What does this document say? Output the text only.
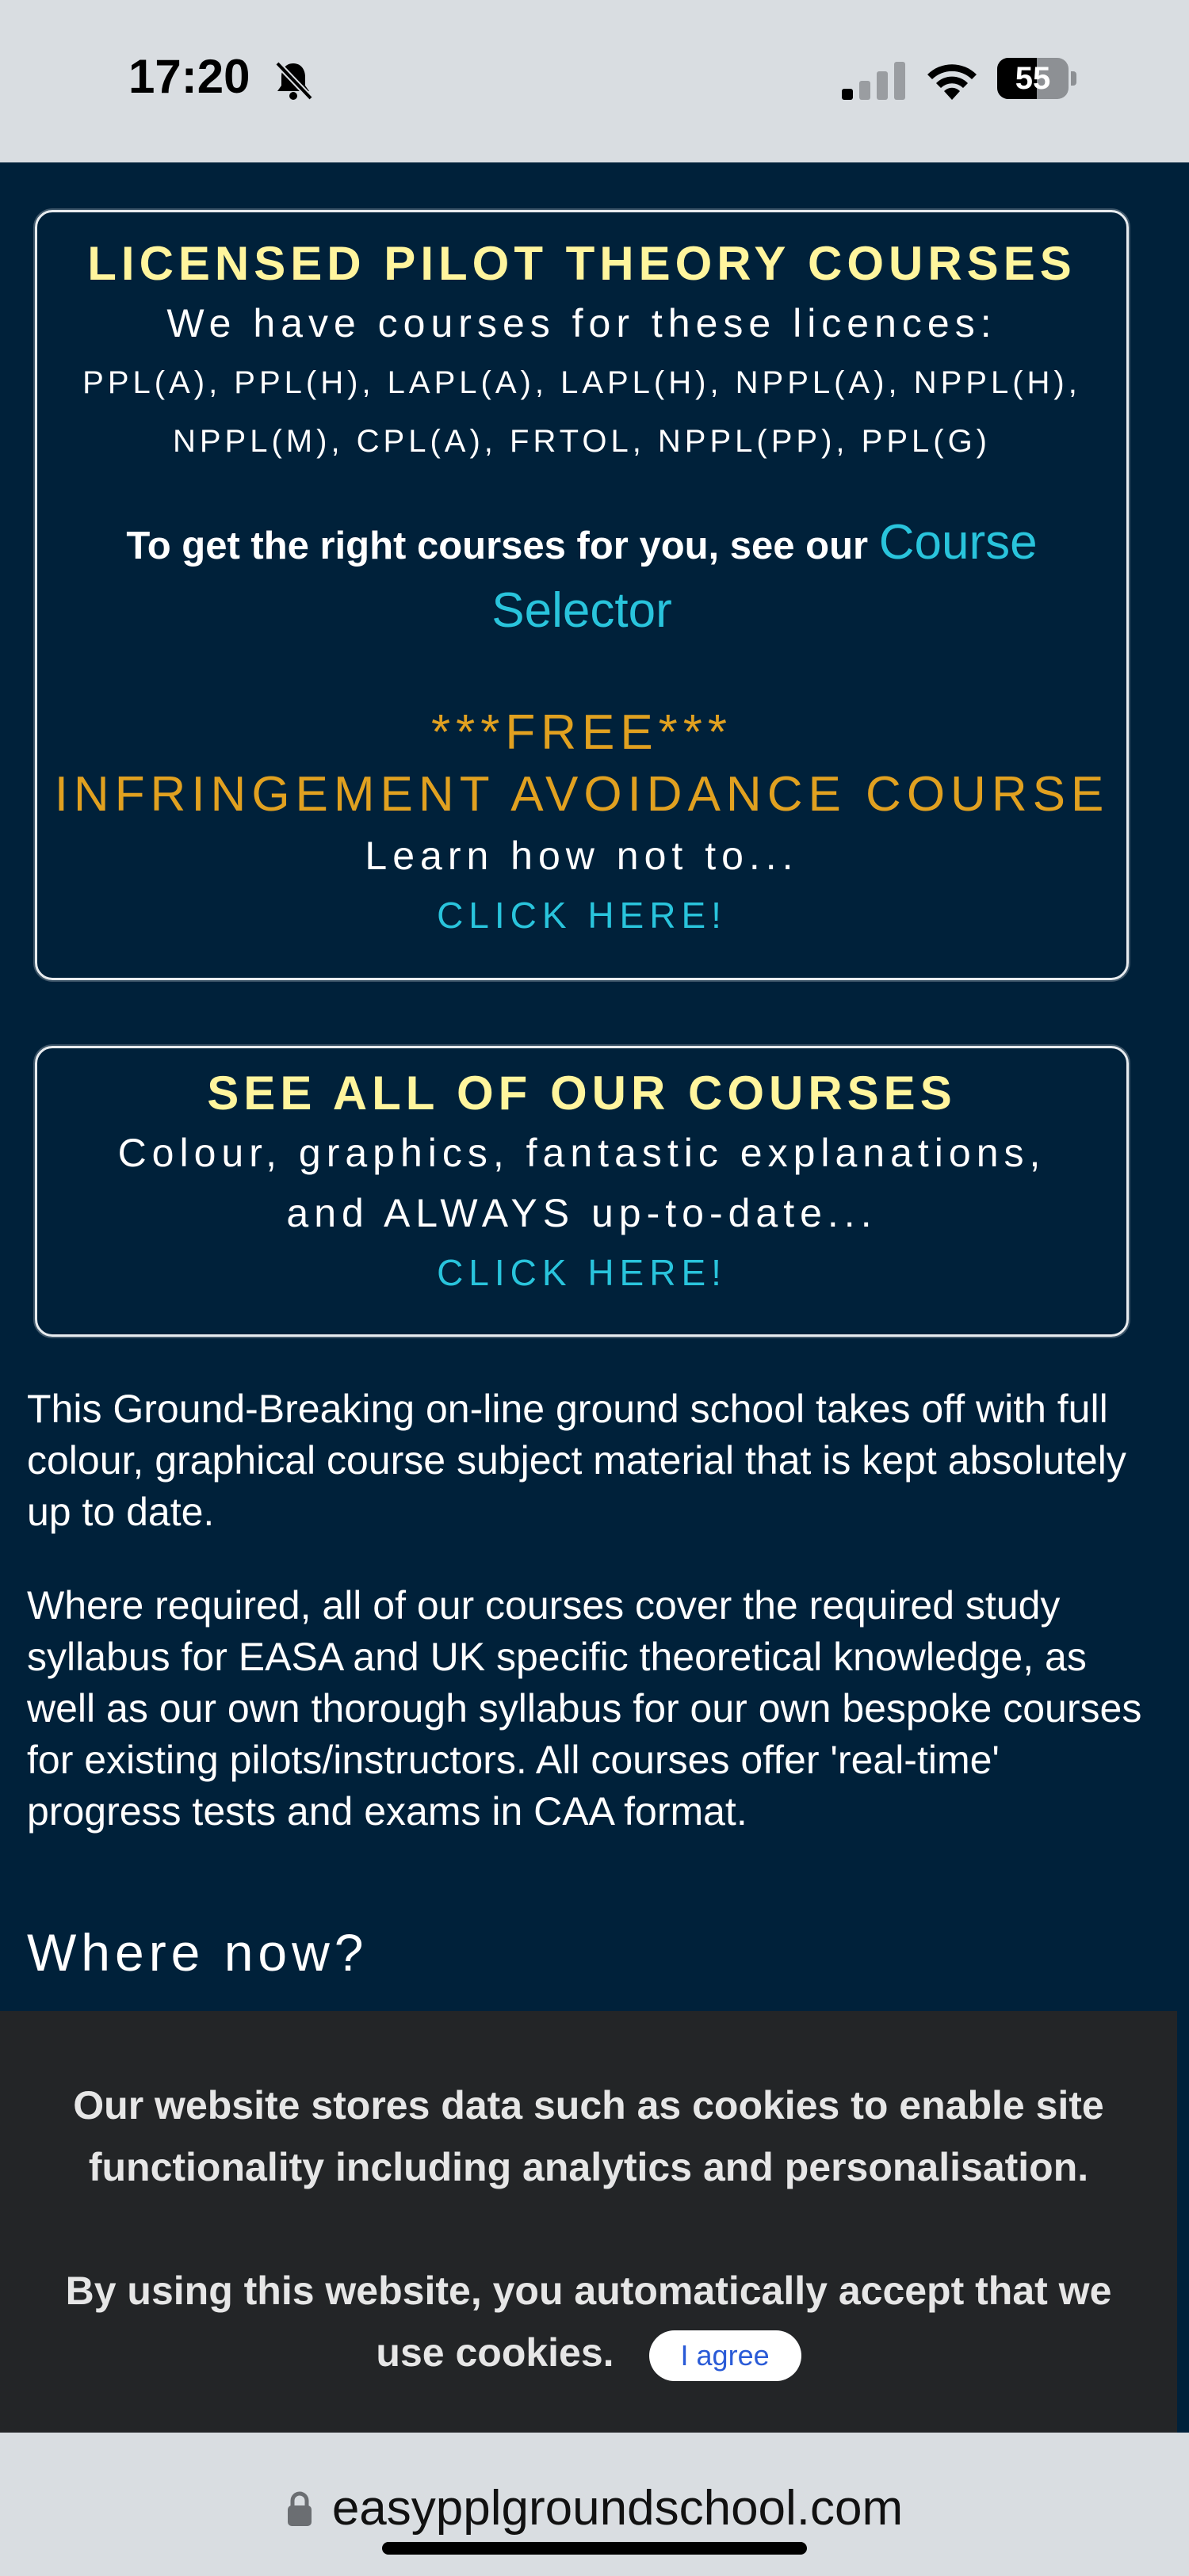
17:20	55
LICENSED PILOT THEORY COURSES
We have courses for these licences:
PPL(A), PPL(H), LAPL(A), LAPL(H), NPPL(A), NPPL(H),
NPPL(M), CPL(A), FRTOL, NPPL(PP), PPL(G)
To get the right courses for you, see our Course Selector
***FREE***
INFRINGEMENT AVOIDANCE COURSE
Learn how not to...
CLICK HERE!
SEE ALL OF OUR COURSES
Colour, graphics, fantastic explanations,
and ALWAYS up-to-date...
CLICK HERE!
This Ground-Breaking on-line ground school takes off with full colour, graphical course subject material that is kept absolutely up to date.
Where required, all of our courses cover the required study syllabus for EASA and UK specific theoretical knowledge, as well as our own thorough syllabus for our own bespoke courses for existing pilots/instructors. All courses offer 'real-time' progress tests and exams in CAA format.
Where now?
Our website stores data such as cookies to enable site functionality including analytics and personalisation.
By using this website, you automatically accept that we use cookies. I agree
easypplgroundschool.com
